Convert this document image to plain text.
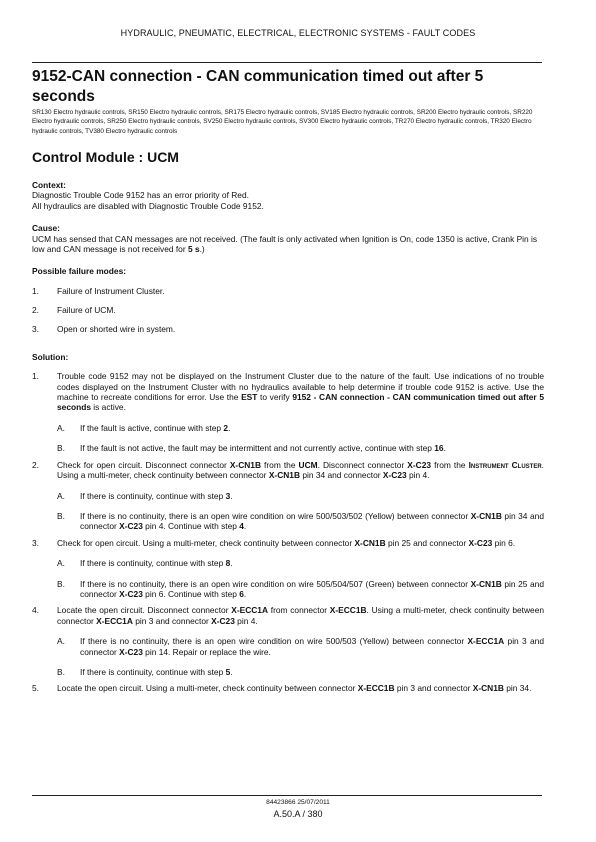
HYDRAULIC, PNEUMATIC, ELECTRICAL, ELECTRONIC SYSTEMS - FAULT CODES
9152-CAN connection - CAN communication timed out after 5 seconds
SR130 Electro hydraulic controls, SR150 Electro hydraulic controls, SR175 Electro hydraulic controls, SV185 Electro hydraulic controls, SR200 Electro hydraulic controls, SR220 Electro hydraulic controls, SR250 Electro hydraulic controls, SV250 Electro hydraulic controls, SV300 Electro hydraulic controls, TR270 Electro hydraulic controls, TR320 Electro hydraulic controls, TV380 Electro hydraulic controls
Control Module : UCM
Context:
Diagnostic Trouble Code 9152 has an error priority of Red.
All hydraulics are disabled with Diagnostic Trouble Code 9152.
Cause:
UCM has sensed that CAN messages are not received. (The fault is only activated when Ignition is On, code 1350 is active, Crank Pin is low and CAN message is not received for 5 s.)
Possible failure modes:
1. Failure of Instrument Cluster.
2. Failure of UCM.
3. Open or shorted wire in system.
Solution:
1. Trouble code 9152 may not be displayed on the Instrument Cluster due to the nature of the fault. Use indications of no trouble codes displayed on the Instrument Cluster with no hydraulics available to help determine if trouble code 9152 is active. Use the machine to recreate conditions for error. Use the EST to verify 9152 - CAN connection - CAN communication timed out after 5 seconds is active.
A. If the fault is active, continue with step 2.
B. If the fault is not active, the fault may be intermittent and not currently active, continue with step 16.
2. Check for open circuit. Disconnect connector X-CN1B from the UCM. Disconnect connector X-C23 from the Instrument Cluster. Using a multi-meter, check continuity between connector X-CN1B pin 34 and connector X-C23 pin 4.
A. If there is continuity, continue with step 3.
B. If there is no continuity, there is an open wire condition on wire 500/503/502 (Yellow) between connector X-CN1B pin 34 and connector X-C23 pin 4. Continue with step 4.
3. Check for open circuit. Using a multi-meter, check continuity between connector X-CN1B pin 25 and connector X-C23 pin 6.
A. If there is continuity, continue with step 8.
B. If there is no continuity, there is an open wire condition on wire 505/504/507 (Green) between connector X-CN1B pin 25 and connector X-C23 pin 6. Continue with step 6.
4. Locate the open circuit. Disconnect connector X-ECC1A from connector X-ECC1B. Using a multi-meter, check continuity between connector X-ECC1A pin 3 and connector X-C23 pin 4.
A. If there is no continuity, there is an open wire condition on wire 500/503 (Yellow) between connector X-ECC1A pin 3 and connector X-C23 pin 14. Repair or replace the wire.
B. If there is continuity, continue with step 5.
5. Locate the open circuit. Using a multi-meter, check continuity between connector X-ECC1B pin 3 and connector X-CN1B pin 34.
84423866 25/07/2011
A.50.A / 380
